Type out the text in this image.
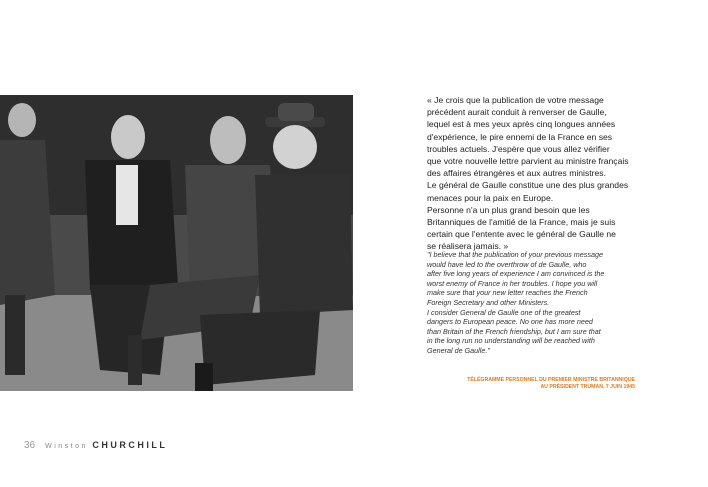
« Je crois que la publication de votre message
précédent aurait conduit à renverser de Gaulle,
lequel est à mes yeux après cinq longues années
d'expérience, le pire ennemi de la France en ses
troubles actuels. J'espère que vous allez vérifier
que votre nouvelle lettre parvient au ministre français
des affaires étrangères et aux autres ministres.
Le général de Gaulle constitue une des plus grandes
menaces pour la paix en Europe.
Personne n'a un plus grand besoin que les
Britanniques de l'amitié de la France, mais je suis
certain que l'entente avec le général de Gaulle ne
se réalisera jamais. »

"I believe that the publication of your previous message
would have led to the overthrow of de Gaulle, who
after five long years of experience I am convinced is the
worst enemy of France in her troubles. I hope you will
make sure that your new letter reaches the French
Foreign Secretary and other Ministers.
I consider General de Gaulle one of the greatest
dangers to European peace. No one has more need
than Britain of the French friendship, but I am sure that
in the long run no understanding will be reached with
General de Gaulle."

TÉLÉGRAMME PERSONNEL DU PREMIER MINISTRE BRITANNIQUE
AU PRÉSIDENT TRUMAN, 7 JUIN 1945

36 Winston CHURCHILL
